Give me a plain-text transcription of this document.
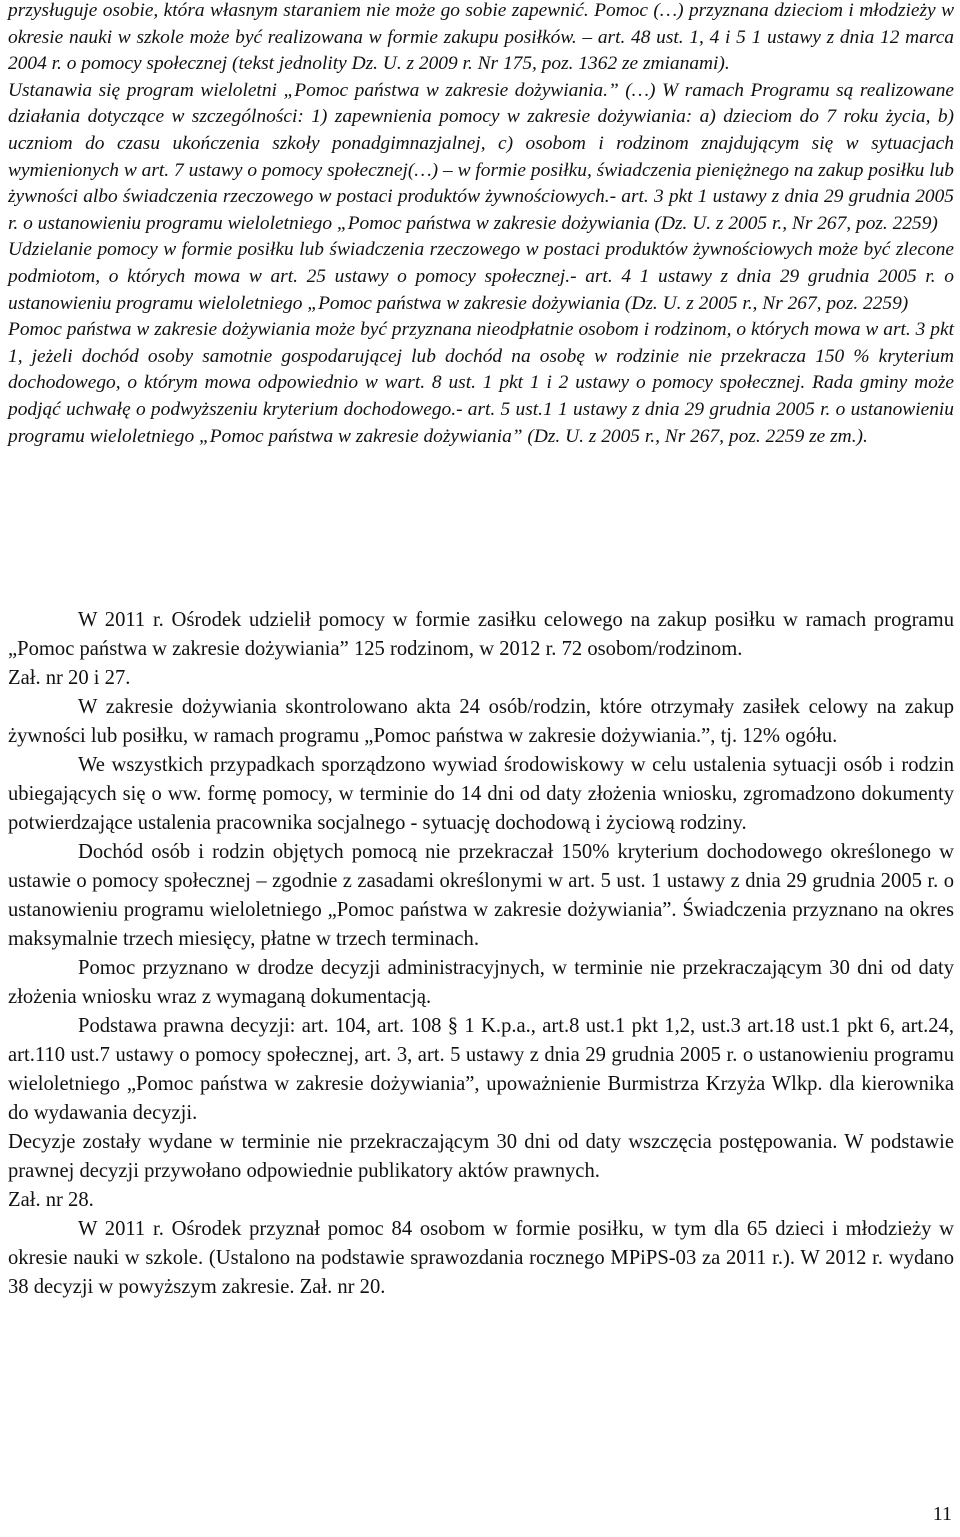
przysługuje osobie, która własnym staraniem nie może go sobie zapewnić. Pomoc (…) przyznana dzieciom i młodzieży w okresie nauki w szkole może być realizowana w formie zakupu posiłków. – art. 48 ust. 1, 4 i 5 1 ustawy z dnia 12 marca 2004 r. o pomocy społecznej (tekst jednolity Dz. U. z 2009 r. Nr 175, poz. 1362 ze zmianami).

Ustanawia się program wieloletni „Pomoc państwa w zakresie dożywiania.” (…) W ramach Programu są realizowane działania dotyczące w szczególności: 1) zapewnienia pomocy w zakresie dożywiania: a) dzieciom do 7 roku życia, b) uczniom do czasu ukończenia szkoły ponadgimnazjalnej, c) osobom i rodzinom znajdującym się w sytuacjach wymienionych w art. 7 ustawy o pomocy społecznej(…) – w formie posiłku, świadczenia pieniężnego na zakup posiłku lub żywności albo świadczenia rzeczowego w postaci produktów żywnościowych.- art. 3 pkt 1 ustawy z dnia 29 grudnia 2005 r. o ustanowieniu programu wieloletniego „Pomoc państwa w zakresie dożywiania (Dz. U. z 2005 r., Nr 267, poz. 2259)

Udzielanie pomocy w formie posiłku lub świadczenia rzeczowego w postaci produktów żywnościowych może być zlecone podmiotom, o których mowa w art. 25 ustawy o pomocy społecznej.- art. 4 1 ustawy z dnia 29 grudnia 2005 r. o ustanowieniu programu wieloletniego „Pomoc państwa w zakresie dożywiania (Dz. U. z 2005 r., Nr 267, poz. 2259)

Pomoc państwa w zakresie dożywiania może być przyznana nieodpłatnie osobom i rodzinom, o których mowa w art. 3 pkt 1, jeżeli dochód osoby samotnie gospodarującej lub dochód na osobę w rodzinie nie przekracza 150 % kryterium dochodowego, o którym mowa odpowiednio w wart. 8 ust. 1 pkt 1 i 2 ustawy o pomocy społecznej. Rada gminy może podjąć uchwałę o podwyższeniu kryterium dochodowego.- art. 5 ust.1 1 ustawy z dnia 29 grudnia 2005 r. o ustanowieniu programu wieloletniego „Pomoc państwa w zakresie dożywiania” (Dz. U. z 2005 r., Nr 267, poz. 2259 ze zm.).

W 2011 r. Ośrodek udzielił pomocy w formie zasiłku celowego na zakup posiłku w ramach programu „Pomoc państwa w zakresie dożywiania” 125 rodzinom, w 2012 r. 72 osobom/rodzinom.

Zał. nr 20 i 27.

W zakresie dożywiania skontrolowano akta 24 osób/rodzin, które otrzymały zasiłek celowy na zakup żywności lub posiłku, w ramach programu „Pomoc państwa w zakresie dożywiania.”, tj. 12% ogółu.

We wszystkich przypadkach sporządzono wywiad środowiskowy w celu ustalenia sytuacji osób i rodzin ubiegających się o ww. formę pomocy, w terminie do 14 dni od daty złożenia wniosku, zgromadzono dokumenty potwierdzające ustalenia pracownika socjalnego - sytuację dochodową i życiową rodziny.

Dochód osób i rodzin objętych pomocą nie przekraczał 150% kryterium dochodowego określonego w ustawie o pomocy społecznej – zgodnie z zasadami określonymi w art. 5 ust. 1 ustawy z dnia 29 grudnia 2005 r. o ustanowieniu programu wieloletniego „Pomoc państwa w zakresie dożywiania”. Świadczenia przyznano na okres maksymalnie trzech miesięcy, płatne w trzech terminach.

Pomoc przyznano w drodze decyzji administracyjnych, w terminie nie przekraczającym 30 dni od daty złożenia wniosku wraz z wymaganą dokumentacją.

Podstawa prawna decyzji: art. 104, art. 108 § 1 K.p.a., art.8 ust.1 pkt 1,2, ust.3 art.18 ust.1 pkt 6, art.24, art.110 ust.7 ustawy o pomocy społecznej, art. 3, art. 5 ustawy z dnia 29 grudnia 2005 r. o ustanowieniu programu wieloletniego „Pomoc państwa w zakresie dożywiania”, upoważnienie Burmistrza Krzyża Wlkp. dla kierownika do wydawania decyzji.

Decyzje zostały wydane w terminie nie przekraczającym 30 dni od daty wszczęcia postępowania. W podstawie prawnej decyzji przywołano odpowiednie publikatory aktów prawnych.

Zał. nr 28.

W 2011 r. Ośrodek przyznał pomoc 84 osobom w formie posiłku, w tym dla 65 dzieci i młodzieży w okresie nauki w szkole. (Ustalono na podstawie sprawozdania rocznego MPiPS-03 za 2011 r.). W 2012 r. wydano 38 decyzji w powyższym zakresie. Zał. nr 20.

11
